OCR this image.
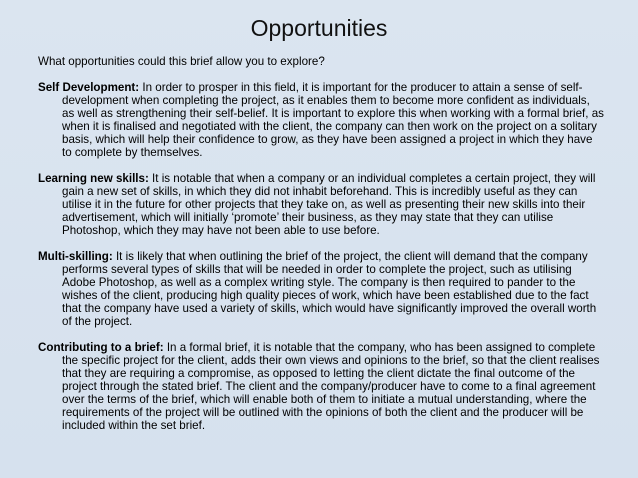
Opportunities

What opportunities could this brief allow you to explore?

Self Development: In order to prosper in this field, it is important for the producer to attain a sense of self-development when completing the project, as it enables them to become more confident as individuals, as well as strengthening their self-belief. It is important to explore this when working with a formal brief, as when it is finalised and negotiated with the client, the company can then work on the project on a solitary basis, which will help their confidence to grow, as they have been assigned a project in which they have to complete by themselves.

Learning new skills: It is notable that when a company or an individual completes a certain project, they will gain a new set of skills, in which they did not inhabit beforehand. This is incredibly useful as they can utilise it in the future for other projects that they take on, as well as presenting their new skills into their advertisement, which will initially ‘promote’ their business, as they may state that they can utilise Photoshop, which they may have not been able to use before.

Multi-skilling: It is likely that when outlining the brief of the project, the client will demand that the company performs several types of skills that will be needed in order to complete the project, such as utilising Adobe Photoshop, as well as a complex writing style. The company is then required to pander to the wishes of the client, producing high quality pieces of work, which have been established due to the fact that the company have used a variety of skills, which would have significantly improved the overall worth of the project.

Contributing to a brief: In a formal brief, it is notable that the company, who has been assigned to complete the specific project for the client, adds their own views and opinions to the brief, so that the client realises that they are requiring a compromise, as opposed to letting the client dictate the final outcome of the project through the stated brief. The client and the company/producer have to come to a final agreement over the terms of the brief, which will enable both of them to initiate a mutual understanding, where the requirements of the project will be outlined with the opinions of both the client and the producer will be included within the set brief.
